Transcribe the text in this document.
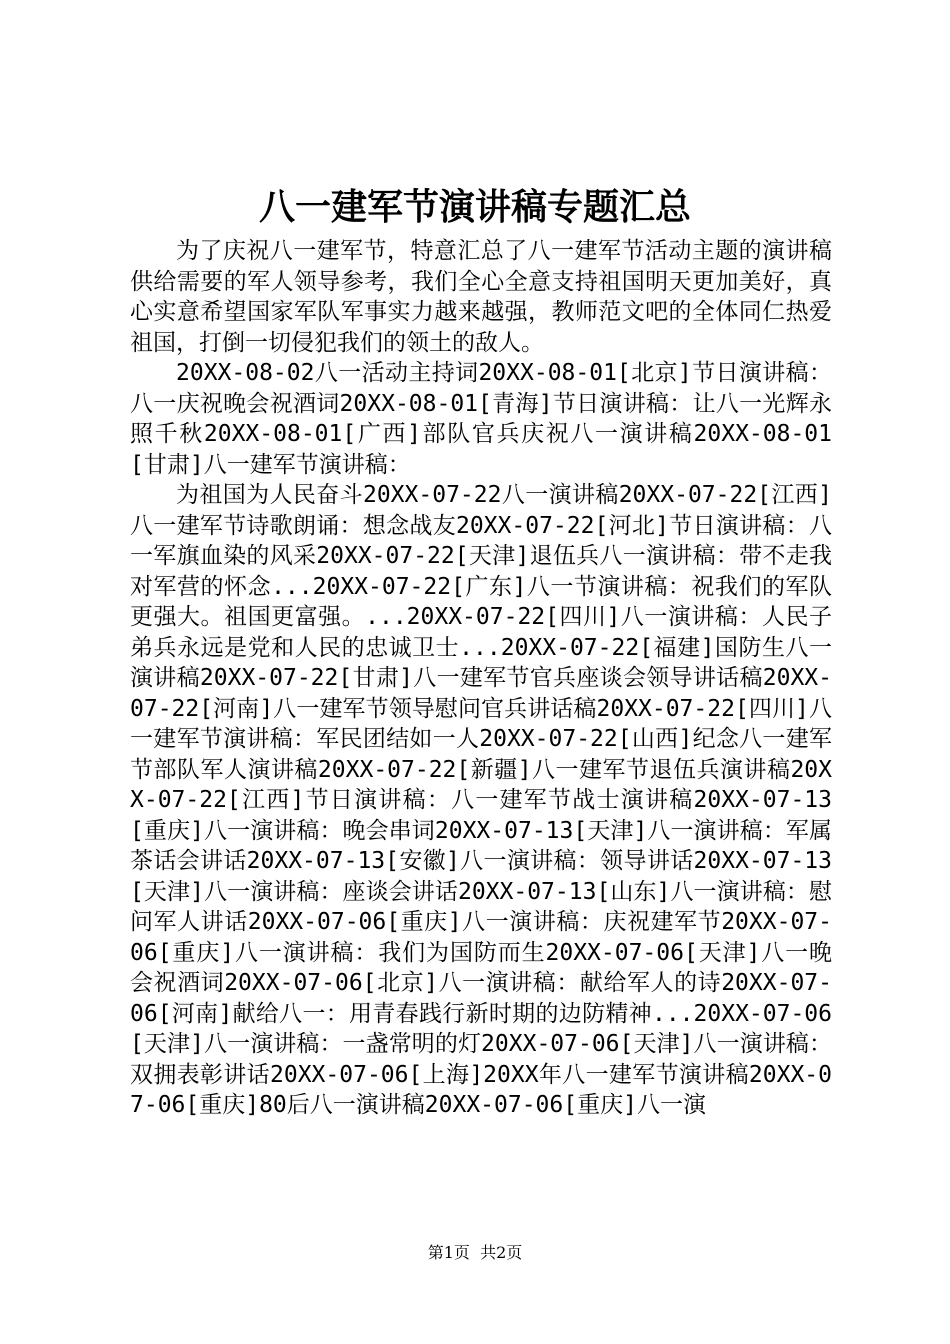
八一建军节演讲稿专题汇总

为了庆祝八一建军节，特意汇总了八一建军节活动主题的演讲稿供给需要的军人领导参考，我们全心全意支持祖国明天更加美好，真心实意希望国家军队军事实力越来越强，教师范文吧的全体同仁热爱祖国，打倒一切侵犯我们的领土的敌人。

20XX-08-02八一活动主持词20XX-08-01[北京]节日演讲稿：八一庆祝晚会祝酒词20XX-08-01[青海]节日演讲稿：让八一光辉永照千秋20XX-08-01[广西]部队官兵庆祝八一演讲稿20XX-08-01[甘肃]八一建军节演讲稿：

为祖国为人民奋斗20XX-07-22八一演讲稿20XX-07-22[江西]八一建军节诗歌朗诵：想念战友20XX-07-22[河北]节日演讲稿：八一军旗血染的风采20XX-07-22[天津]退伍兵八一演讲稿：带不走我对军营的怀念...20XX-07-22[广东]八一节演讲稿：祝我们的军队更强大。祖国更富强。...20XX-07-22[四川]八一演讲稿：人民子弟兵永远是党和人民的忠诚卫士...20XX-07-22[福建]国防生八一演讲稿20XX-07-22[甘肃]八一建军节官兵座谈会领导讲话稿20XX-07-22[河南]八一建军节领导慰问官兵讲话稿20XX-07-22[四川]八一建军节演讲稿：军民团结如一人20XX-07-22[山西]纪念八一建军节部队军人演讲稿20XX-07-22[新疆]八一建军节退伍兵演讲稿20XX-07-22[江西]节日演讲稿：八一建军节战士演讲稿20XX-07-13[重庆]八一演讲稿：晚会串词20XX-07-13[天津]八一演讲稿：军属茶话会讲话20XX-07-13[安徽]八一演讲稿：领导讲话20XX-07-13[天津]八一演讲稿：座谈会讲话20XX-07-13[山东]八一演讲稿：慰问军人讲话20XX-07-06[重庆]八一演讲稿：庆祝建军节20XX-07-06[重庆]八一演讲稿：我们为国防而生20XX-07-06[天津]八一晚会祝酒词20XX-07-06[北京]八一演讲稿：献给军人的诗20XX-07-06[河南]献给八一：用青春践行新时期的边防精神...20XX-07-06[天津]八一演讲稿：一盏常明的灯20XX-07-06[天津]八一演讲稿：双拥表彰讲话20XX-07-06[上海]20XX年八一建军节演讲稿20XX-07-06[重庆]80后八一演讲稿20XX-07-06[重庆]八一演

第1页 共2页
